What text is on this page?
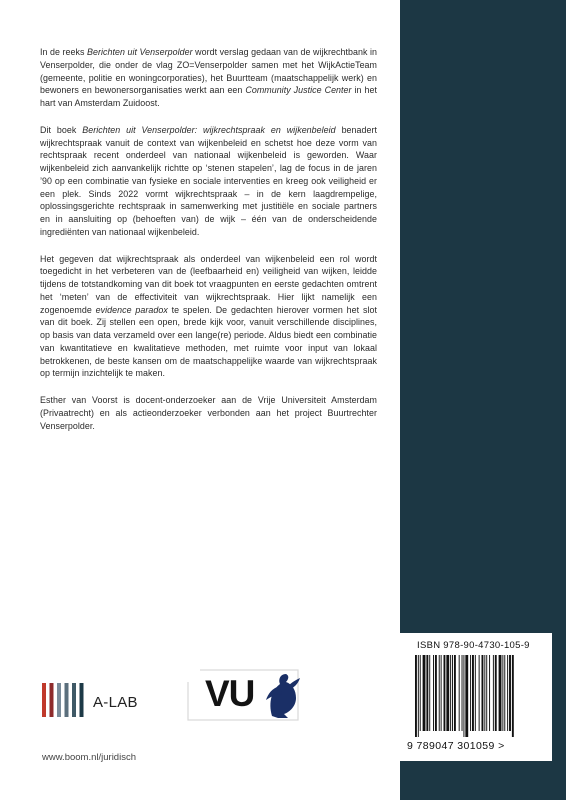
In de reeks Berichten uit Venserpolder wordt verslag gedaan van de wijkrechtbank in Venserpolder, die onder de vlag ZO=Venserpolder samen met het WijkActieTeam (gemeente, politie en woningcorporaties), het Buurtteam (maatschappelijk werk) en bewoners en bewonersorganisaties werkt aan een Community Justice Center in het hart van Amsterdam Zuidoost.

Dit boek Berichten uit Venserpolder: wijkrechtspraak en wijkenbeleid benadert wijkrechtspraak vanuit de context van wijkenbeleid en schetst hoe deze vorm van rechtspraak recent onderdeel van nationaal wijkenbeleid is geworden. Waar wijkenbeleid zich aanvankelijk richtte op ‘stenen stapelen’, lag de focus in de jaren ’90 op een combinatie van fysieke en sociale interventies en kreeg ook veiligheid er een plek. Sinds 2022 vormt wijkrechtspraak – in de kern laagdrempelige, oplossingsgerichte rechtspraak in samenwerking met justitiële en sociale partners en in aansluiting op (behoeften van) de wijk – één van de onderscheidende ingrediënten van nationaal wijkenbeleid.

Het gegeven dat wijkrechtspraak als onderdeel van wijkenbeleid een rol wordt toegedicht in het verbeteren van de (leefbaarheid en) veiligheid van wijken, leidde tijdens de totstandkoming van dit boek tot vraagpunten en eerste gedachten omtrent het ‘meten’ van de effectiviteit van wijkrechtspraak. Hier lijkt namelijk een zogenoemde evidence paradox te spelen. De gedachten hierover vormen het slot van dit boek. Zij stellen een open, brede kijk voor, vanuit verschillende disciplines, op basis van data verzameld over een lange(re) periode. Aldus biedt een combinatie van kwantitatieve en kwalitatieve methoden, met ruimte voor input van lokaal betrokkenen, de beste kansen om de maatschappelijke waarde van wijkrechtspraak op termijn inzichtelijk te maken.

Esther van Voorst is docent-onderzoeker aan de Vrije Universiteit Amsterdam (Privaatrecht) en als actieonderzoeker verbonden aan het project Buurtrechter Venserpolder.

ISBN 978-90-4730-105-9
9 789047 301059 >
A-LAB VU
www.boom.nl/juridisch
